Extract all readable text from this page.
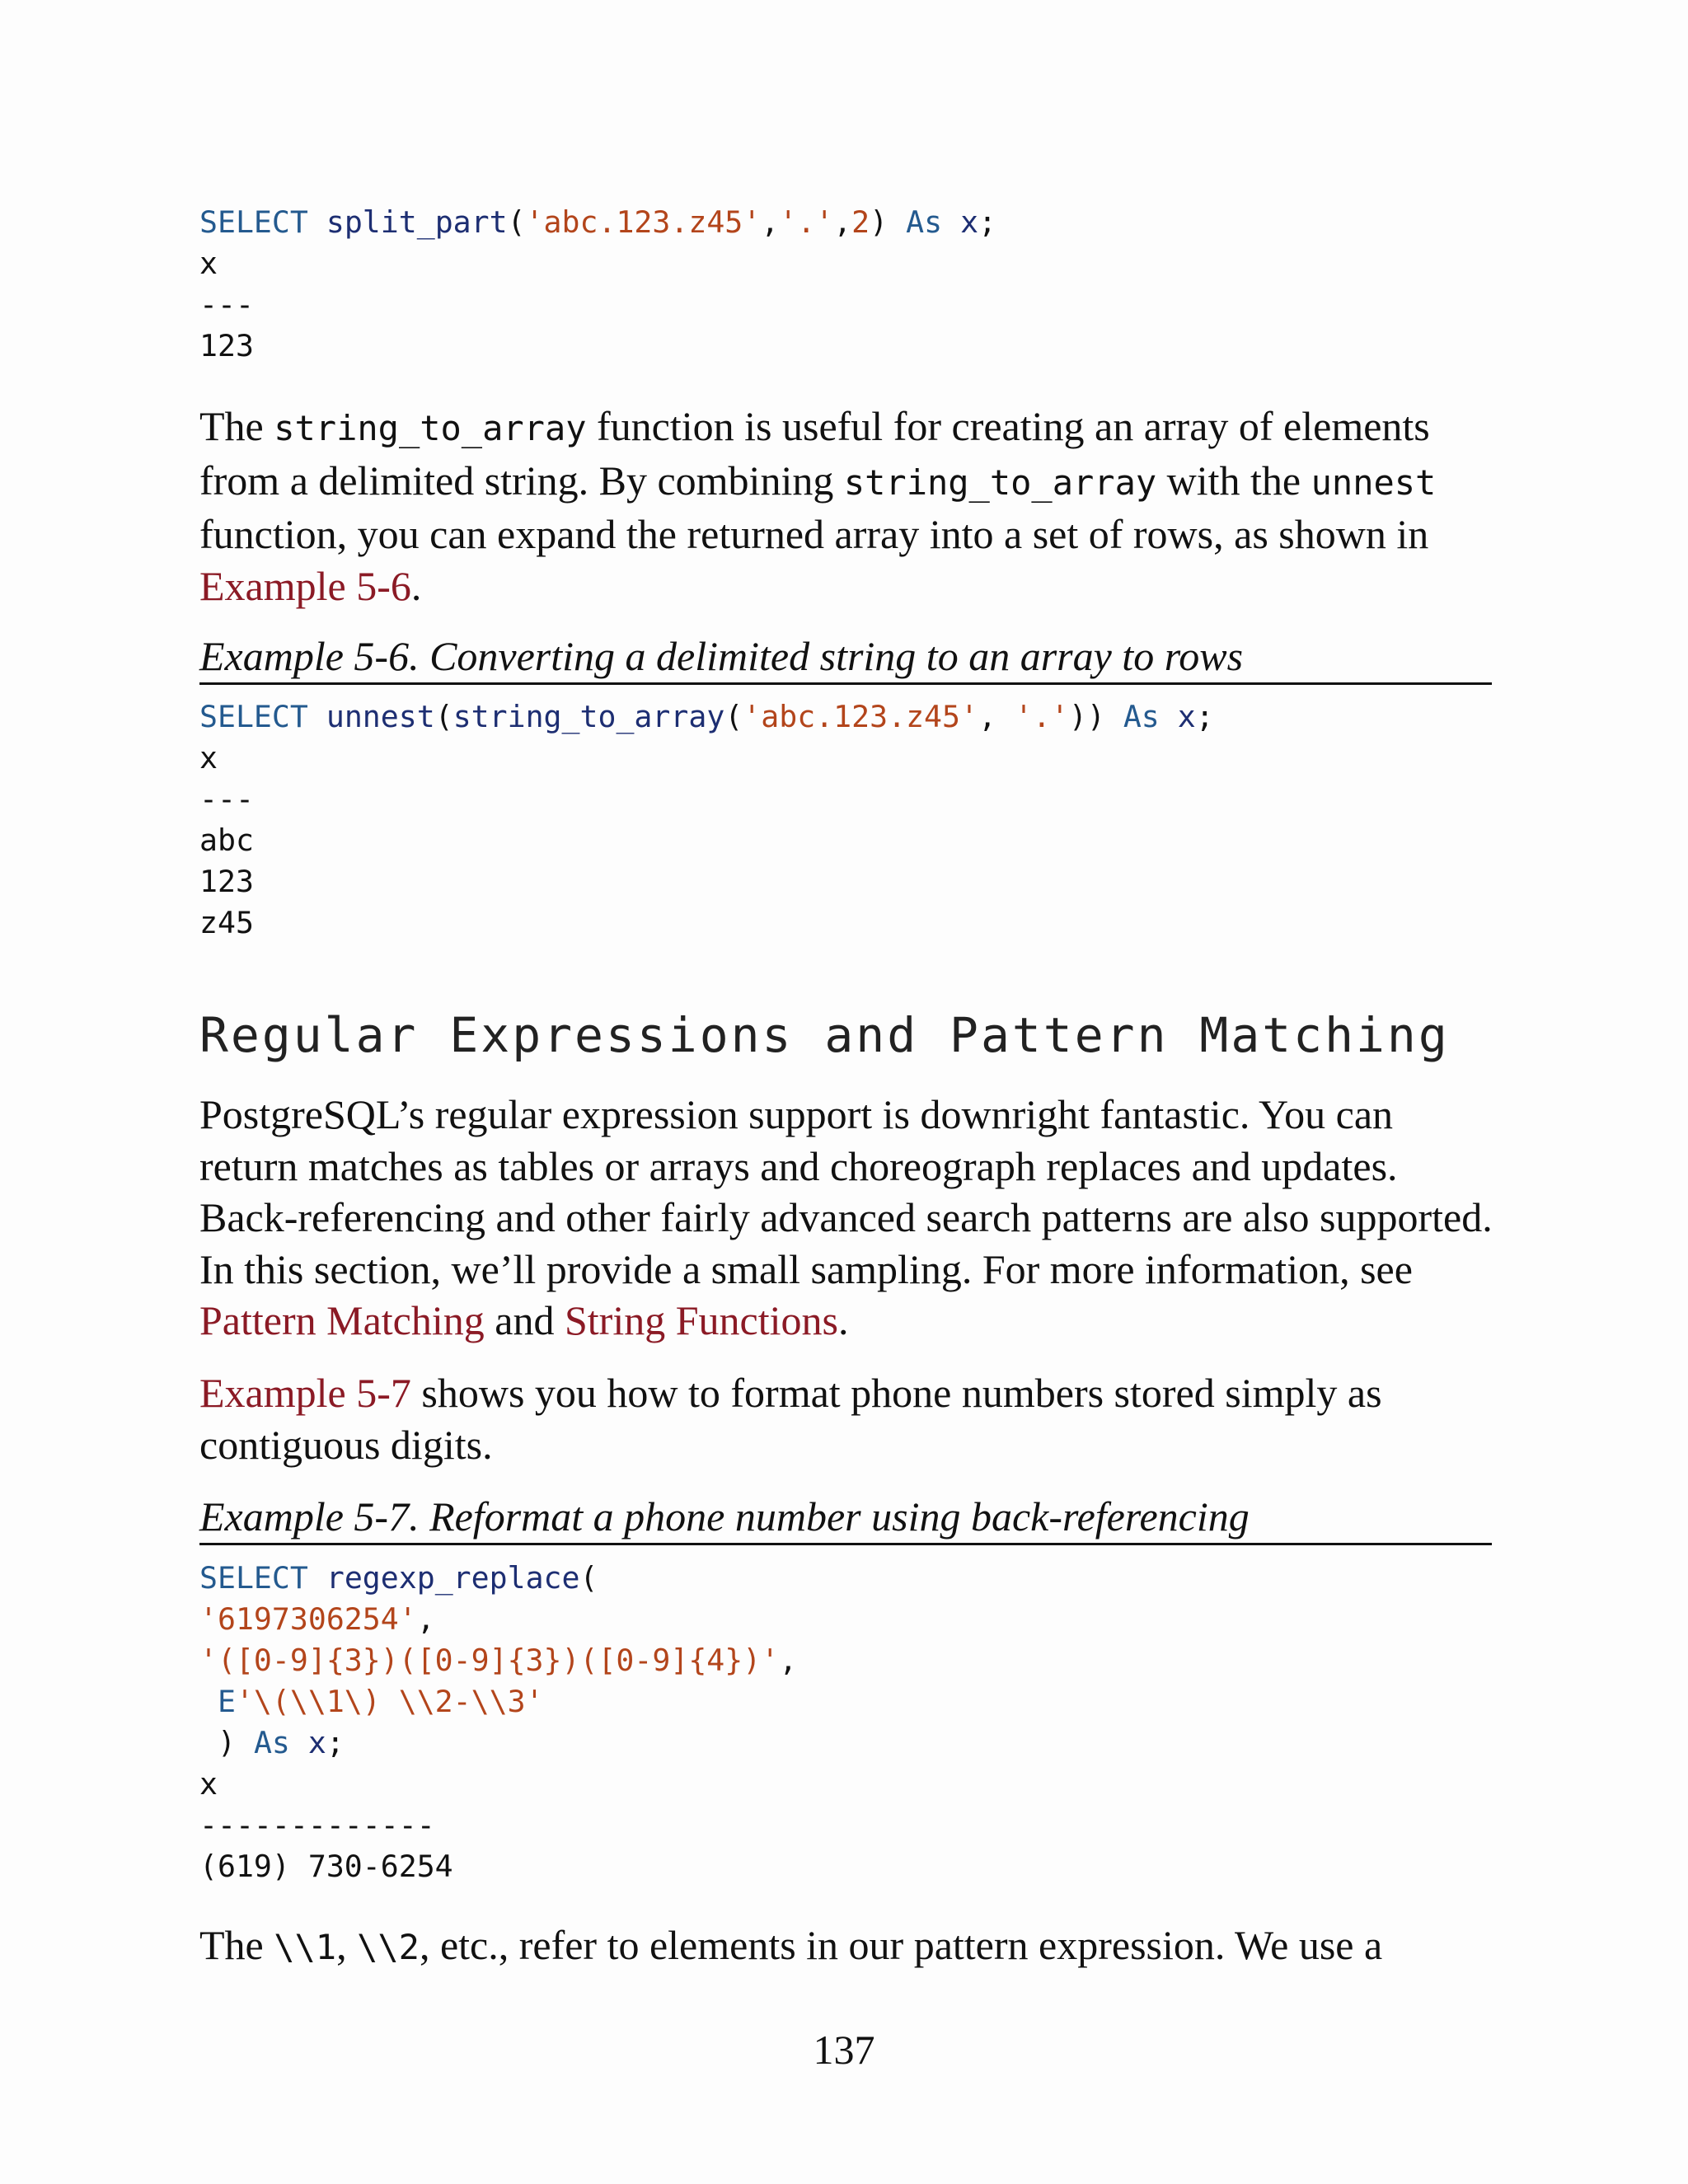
SELECT split_part('abc.123.z45','.',2) As x;
x
---
123

The string_to_array function is useful for creating an array of elements from a delimited string. By combining string_to_array with the unnest function, you can expand the returned array into a set of rows, as shown in Example 5-6.

Example 5-6. Converting a delimited string to an array to rows
SELECT unnest(string_to_array('abc.123.z45', '.')) As x;
x
---
abc
123
z45
Regular Expressions and Pattern Matching

PostgreSQL’s regular expression support is downright fantastic. You can return matches as tables or arrays and choreograph replaces and updates. Back-referencing and other fairly advanced search patterns are also supported. In this section, we’ll provide a small sampling. For more information, see Pattern Matching and String Functions.

Example 5-7 shows you how to format phone numbers stored simply as contiguous digits.

Example 5-7. Reformat a phone number using back-referencing
SELECT regexp_replace(
'6197306254',
'([0-9]{3})([0-9]{3})([0-9]{4})',
E'\(\\1\) \\2-\\3'
) As x;
x
-------------
(619) 730-6254

The \\1, \\2, etc., refer to elements in our pattern expression. We use a

137
